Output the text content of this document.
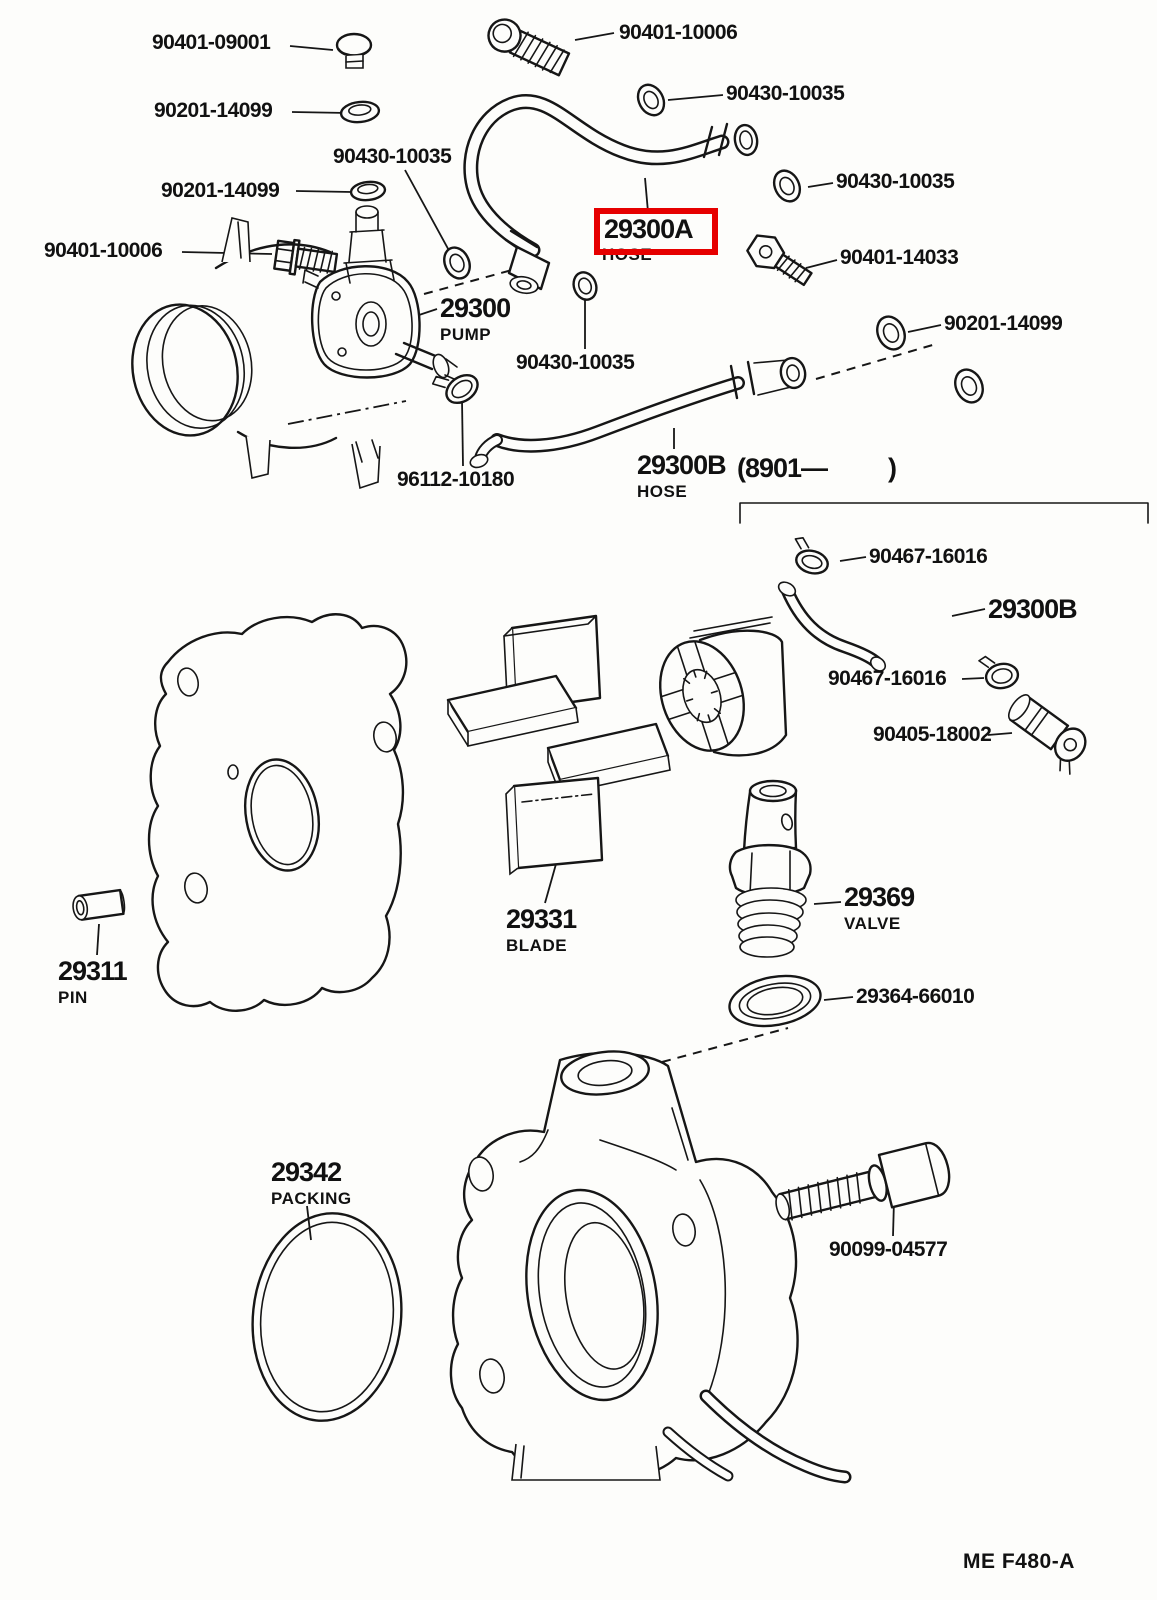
90401-09001
90201-14099
90430-10035
90201-14099
90401-10006
90430-10035
90401-10006
29300A
HOSE
90430-10035
90401-14033
29300
PUMP	90201-14099
90430-10035
96112-10180	29300B
HOSE
(8901— )
90467-16016
29300B
90467-16016
90405-18002
29331
BLADE
29369
VALVE
29311
PIN	29364-66010
29342
PACKING
90099-04577
ME F480-A
